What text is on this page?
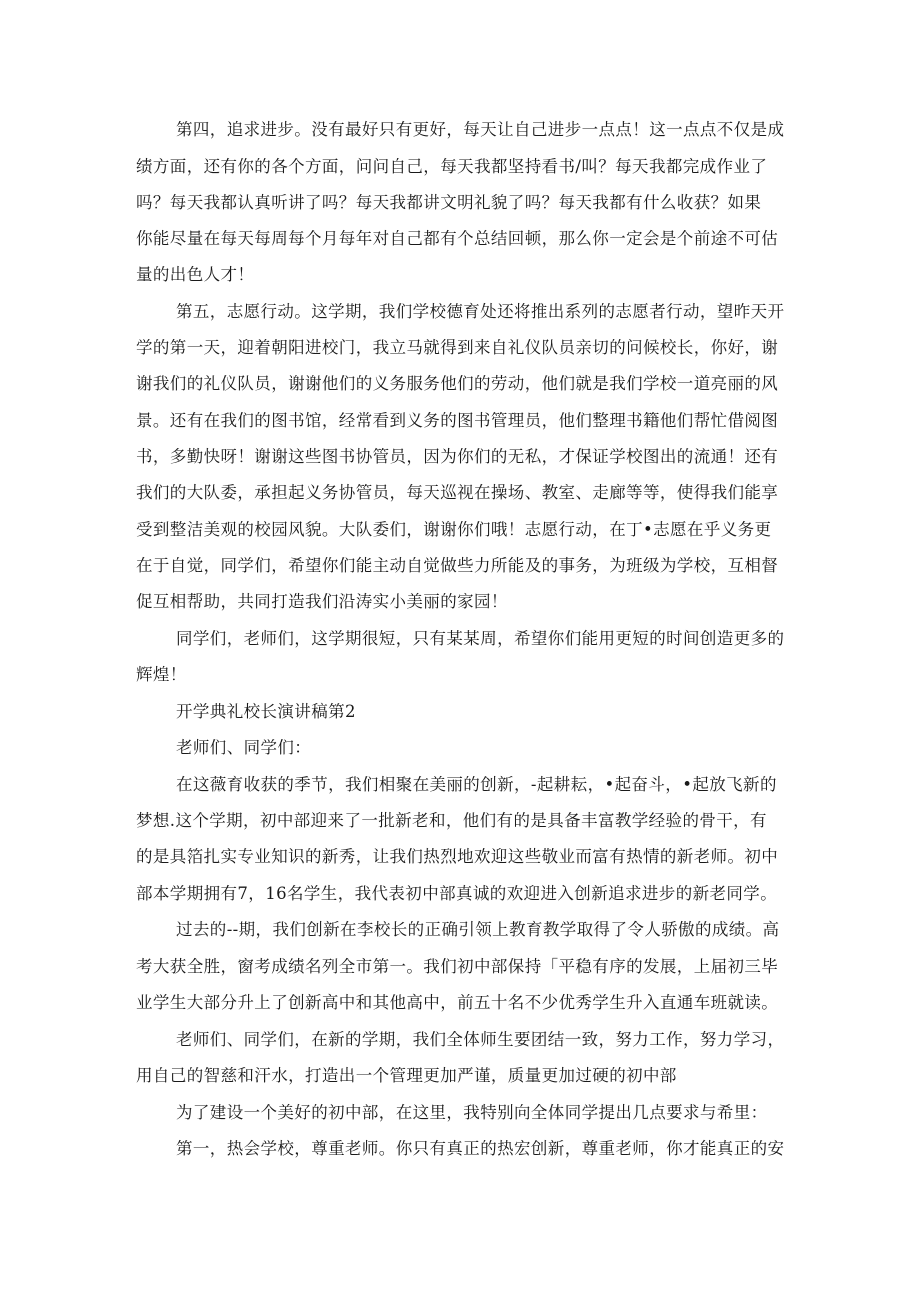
第四，追求进步。没有最好只有更好，每天让自己进步一点点！这一点点不仅是成
绩方面，还有你的各个方面，问问自己，每天我都坚持看书/叫？每天我都完成作业了
吗？每天我都认真听讲了吗？每天我都讲文明礼貌了吗？每天我都有什么收获？如果
你能尽量在每天每周每个月每年对自己都有个总结回顿，那么你一定会是个前途不可估
量的出色人才！
第五，志愿行动。这学期，我们学校德育处还将推出系列的志愿者行动，望昨天开
学的第一天，迎着朝阳进校门，我立马就得到来自礼仪队员亲切的问候校长，你好，谢
谢我们的礼仪队员，谢谢他们的义务服务他们的劳动，他们就是我们学校一道亮丽的风
景。还有在我们的图书馆，经常看到义务的图书管理员，他们整理书籍他们帮忙借阅图
书，多勤快呀！谢谢这些图书协管员，因为你们的无私，才保证学校图出的流通！还有
我们的大队委，承担起义务协管员，每天巡视在操场、教室、走廊等等，使得我们能享
受到整洁美观的校园风貌。大队委们，谢谢你们哦！志愿行动，在丁•志愿在乎义务更
在于自觉，同学们，希望你们能主动自觉做些力所能及的事务，为班级为学校，互相督
促互相帮助，共同打造我们沿涛实小美丽的家园！
同学们，老师们，这学期很短，只有某某周，希望你们能用更短的时间创造更多的
辉煌！
开学典礼校长演讲稿第2
老师们、同学们：
在这薇育收获的季节，我们相聚在美丽的创新，-起耕耘，•起奋斗，•起放飞新的
梦想.这个学期，初中部迎来了一批新老和，他们有的是具备丰富教学经验的骨干，有
的是具箔扎实专业知识的新秀，让我们热烈地欢迎这些敬业而富有热情的新老师。初中
部本学期拥有7，16名学生，我代表初中部真诚的欢迎进入创新追求进步的新老同学。
过去的--期，我们创新在李校长的正确引领上教育教学取得了令人骄傲的成绩。高
考大获全胜，窗考成绩名列全市第一。我们初中部保持「平稳有序的发展，上届初三毕
业学生大部分升上了创新高中和其他高中，前五十名不少优秀学生升入直通车班就读。
老师们、同学们，在新的学期，我们全体师生要团结一致，努力工作，努力学习，
用自己的智慈和汗水，打造出一个管理更加严谨，质量更加过硬的初中部
为了建设一个美好的初中部，在这里，我特别向全体同学提出几点要求与希里：
第一，热会学校，尊重老师。你只有真正的热宏创新，尊重老师，你才能真正的安
